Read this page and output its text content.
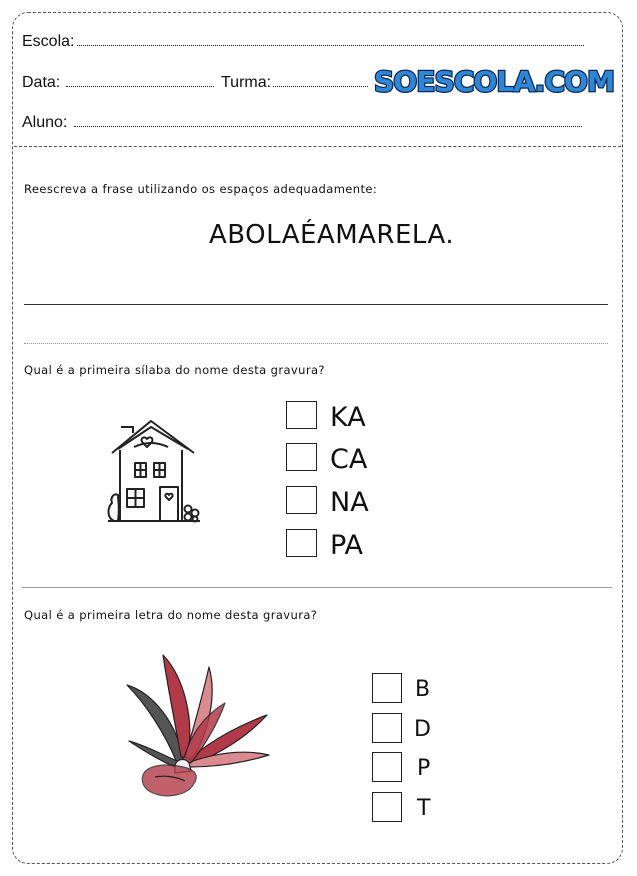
Escola:
Data:	Turma:	SOESCOLA.COM
Aluno:
Reescreva a frase utilizando os espaços adequadamente:
ABOLAÉAMARELA.
Qual é a primeira sílaba do nome desta gravura?
KA
CA
NA
PA
Qual é a primeira letra do nome desta gravura?
B
D
P
T
